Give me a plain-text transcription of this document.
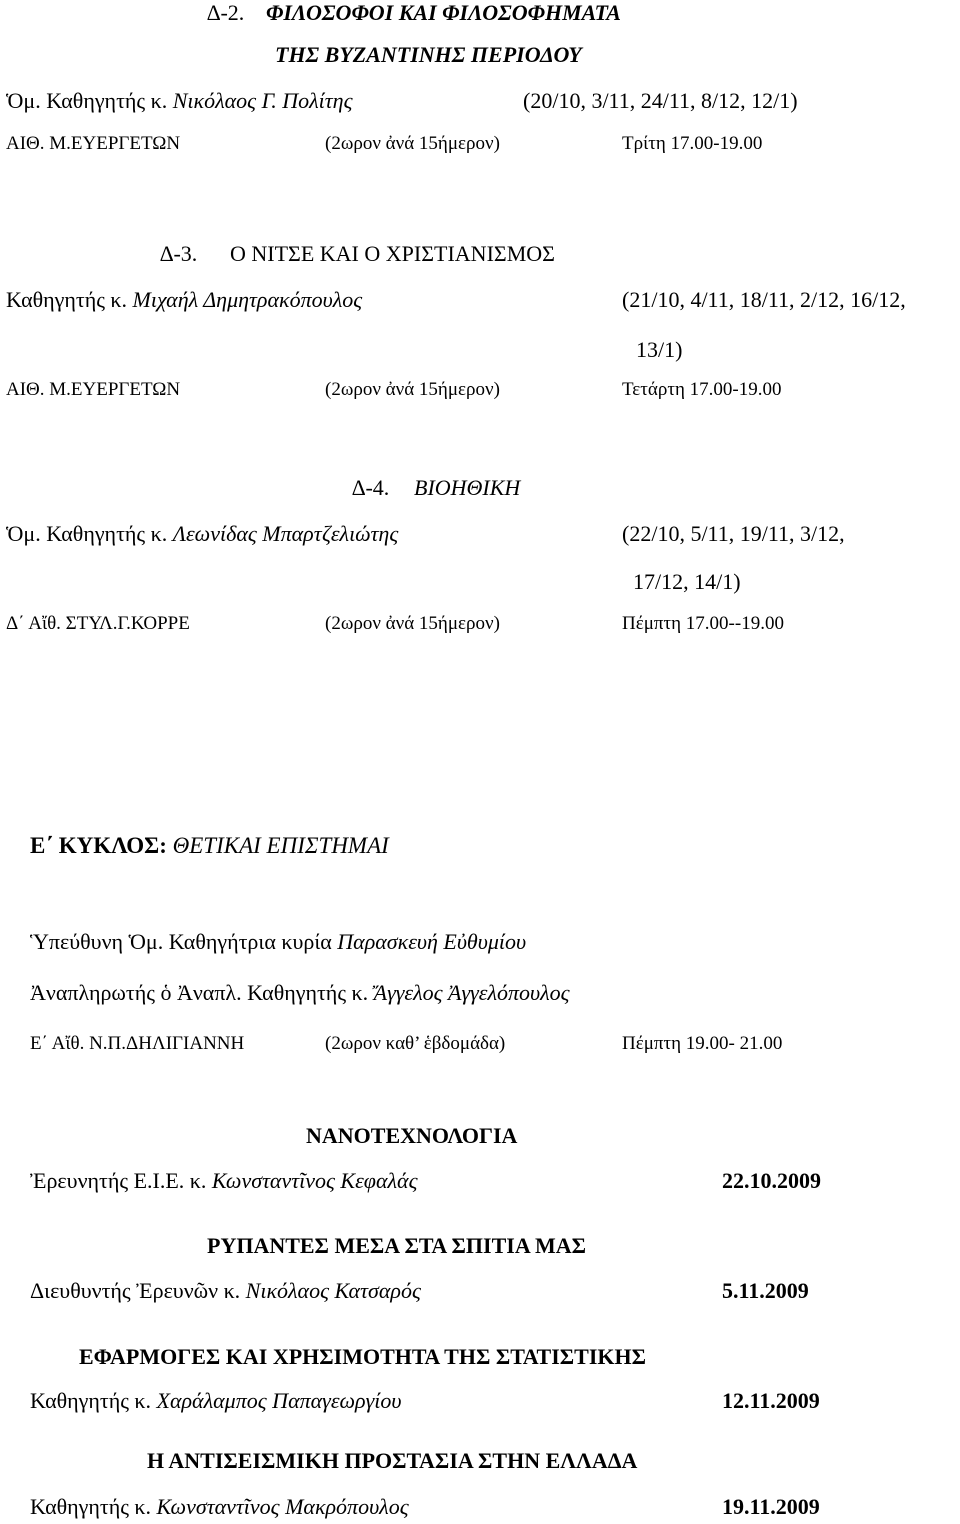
∆-2. ΦΙΛΟΣΟΦΟΙ ΚΑΙ ΦΙΛΟΣΟΦΗΜΑΤΑ
ΤΗΣ ΒΥΖΑΝΤΙΝΗΣ ΠΕΡΙΟΔΟΥ
Ὁμ. Καθηγητής κ. Νικόλαος Γ. Πολίτης	(20/10, 3/11, 24/11, 8/12, 12/1)
ΑΙΘ. Μ.ΕΥΕΡΓΕΤΩΝ	(2ωρον ἀνά 15ήμερον)	Τρίτη 17.00-19.00
∆-3. Ο ΝΙΤΣΕ ΚΑΙ Ο ΧΡΙΣΤΙΑΝΙΣΜΟΣ
Καθηγητής κ. Μιχαήλ Δημητρακόπουλος	(21/10, 4/11, 18/11, 2/12, 16/12,
13/1)
ΑΙΘ. Μ.ΕΥΕΡΓΕΤΩΝ	(2ωρον ἀνά 15ήμερον)	Τετάρτη 17.00-19.00
∆-4. ΒΙΟΗΘΙΚΗ
Ὁμ. Καθηγητής κ. Λεωνίδας Μπαρτζελιώτης	(22/10, 5/11, 19/11, 3/12,
17/12, 14/1)
Δ΄ Αἴθ. ΣΤΥΛ.Γ.ΚΟΡΡΕ	(2ωρον ἀνά 15ήμερον)	Πέμπτη 17.00--19.00
Ε΄ ΚΥΚΛΟΣ: ΘΕΤΙΚΑΙ ΕΠΙΣΤΗΜΑΙ
Ὑπεύθυνη Ὁμ. Καθηγήτρια κυρία Παρασκευή Εὐθυμίου
Ἀναπληρωτής ὁ Ἀναπλ. Καθηγητής κ. Ἄγγελος Ἀγγελόπουλος
Ε΄ Αἴθ. Ν.Π.ΔΗΛΙΓΙΑΝΝΗ	(2ωρον καθ’ ἑβδομάδα)	Πέμπτη 19.00- 21.00
ΝΑΝΟΤΕΧΝΟΛΟΓΙΑ
Ἐρευνητής Ε.Ι.Ε. κ. Κωνσταντῖνος Κεφαλάς	22.10.2009
ΡΥΠΑΝΤΕΣ ΜΕΣΑ ΣΤΑ ΣΠΙΤΙΑ ΜΑΣ
Διευθυντής Ἐρευνῶν κ. Νικόλαος Κατσαρός	5.11.2009
ΕΦΑΡΜΟΓΕΣ ΚΑΙ ΧΡΗΣΙΜΟΤΗΤΑ ΤΗΣ ΣΤΑΤΙΣΤΙΚΗΣ
Καθηγητής κ. Χαράλαμπος Παπαγεωργίου	12.11.2009
Η ΑΝΤΙΣΕΙΣΜΙΚΗ ΠΡΟΣΤΑΣΙΑ ΣΤΗΝ ΕΛΛΑΔΑ
Καθηγητής κ. Κωνσταντῖνος Μακρόπουλος	19.11.2009
